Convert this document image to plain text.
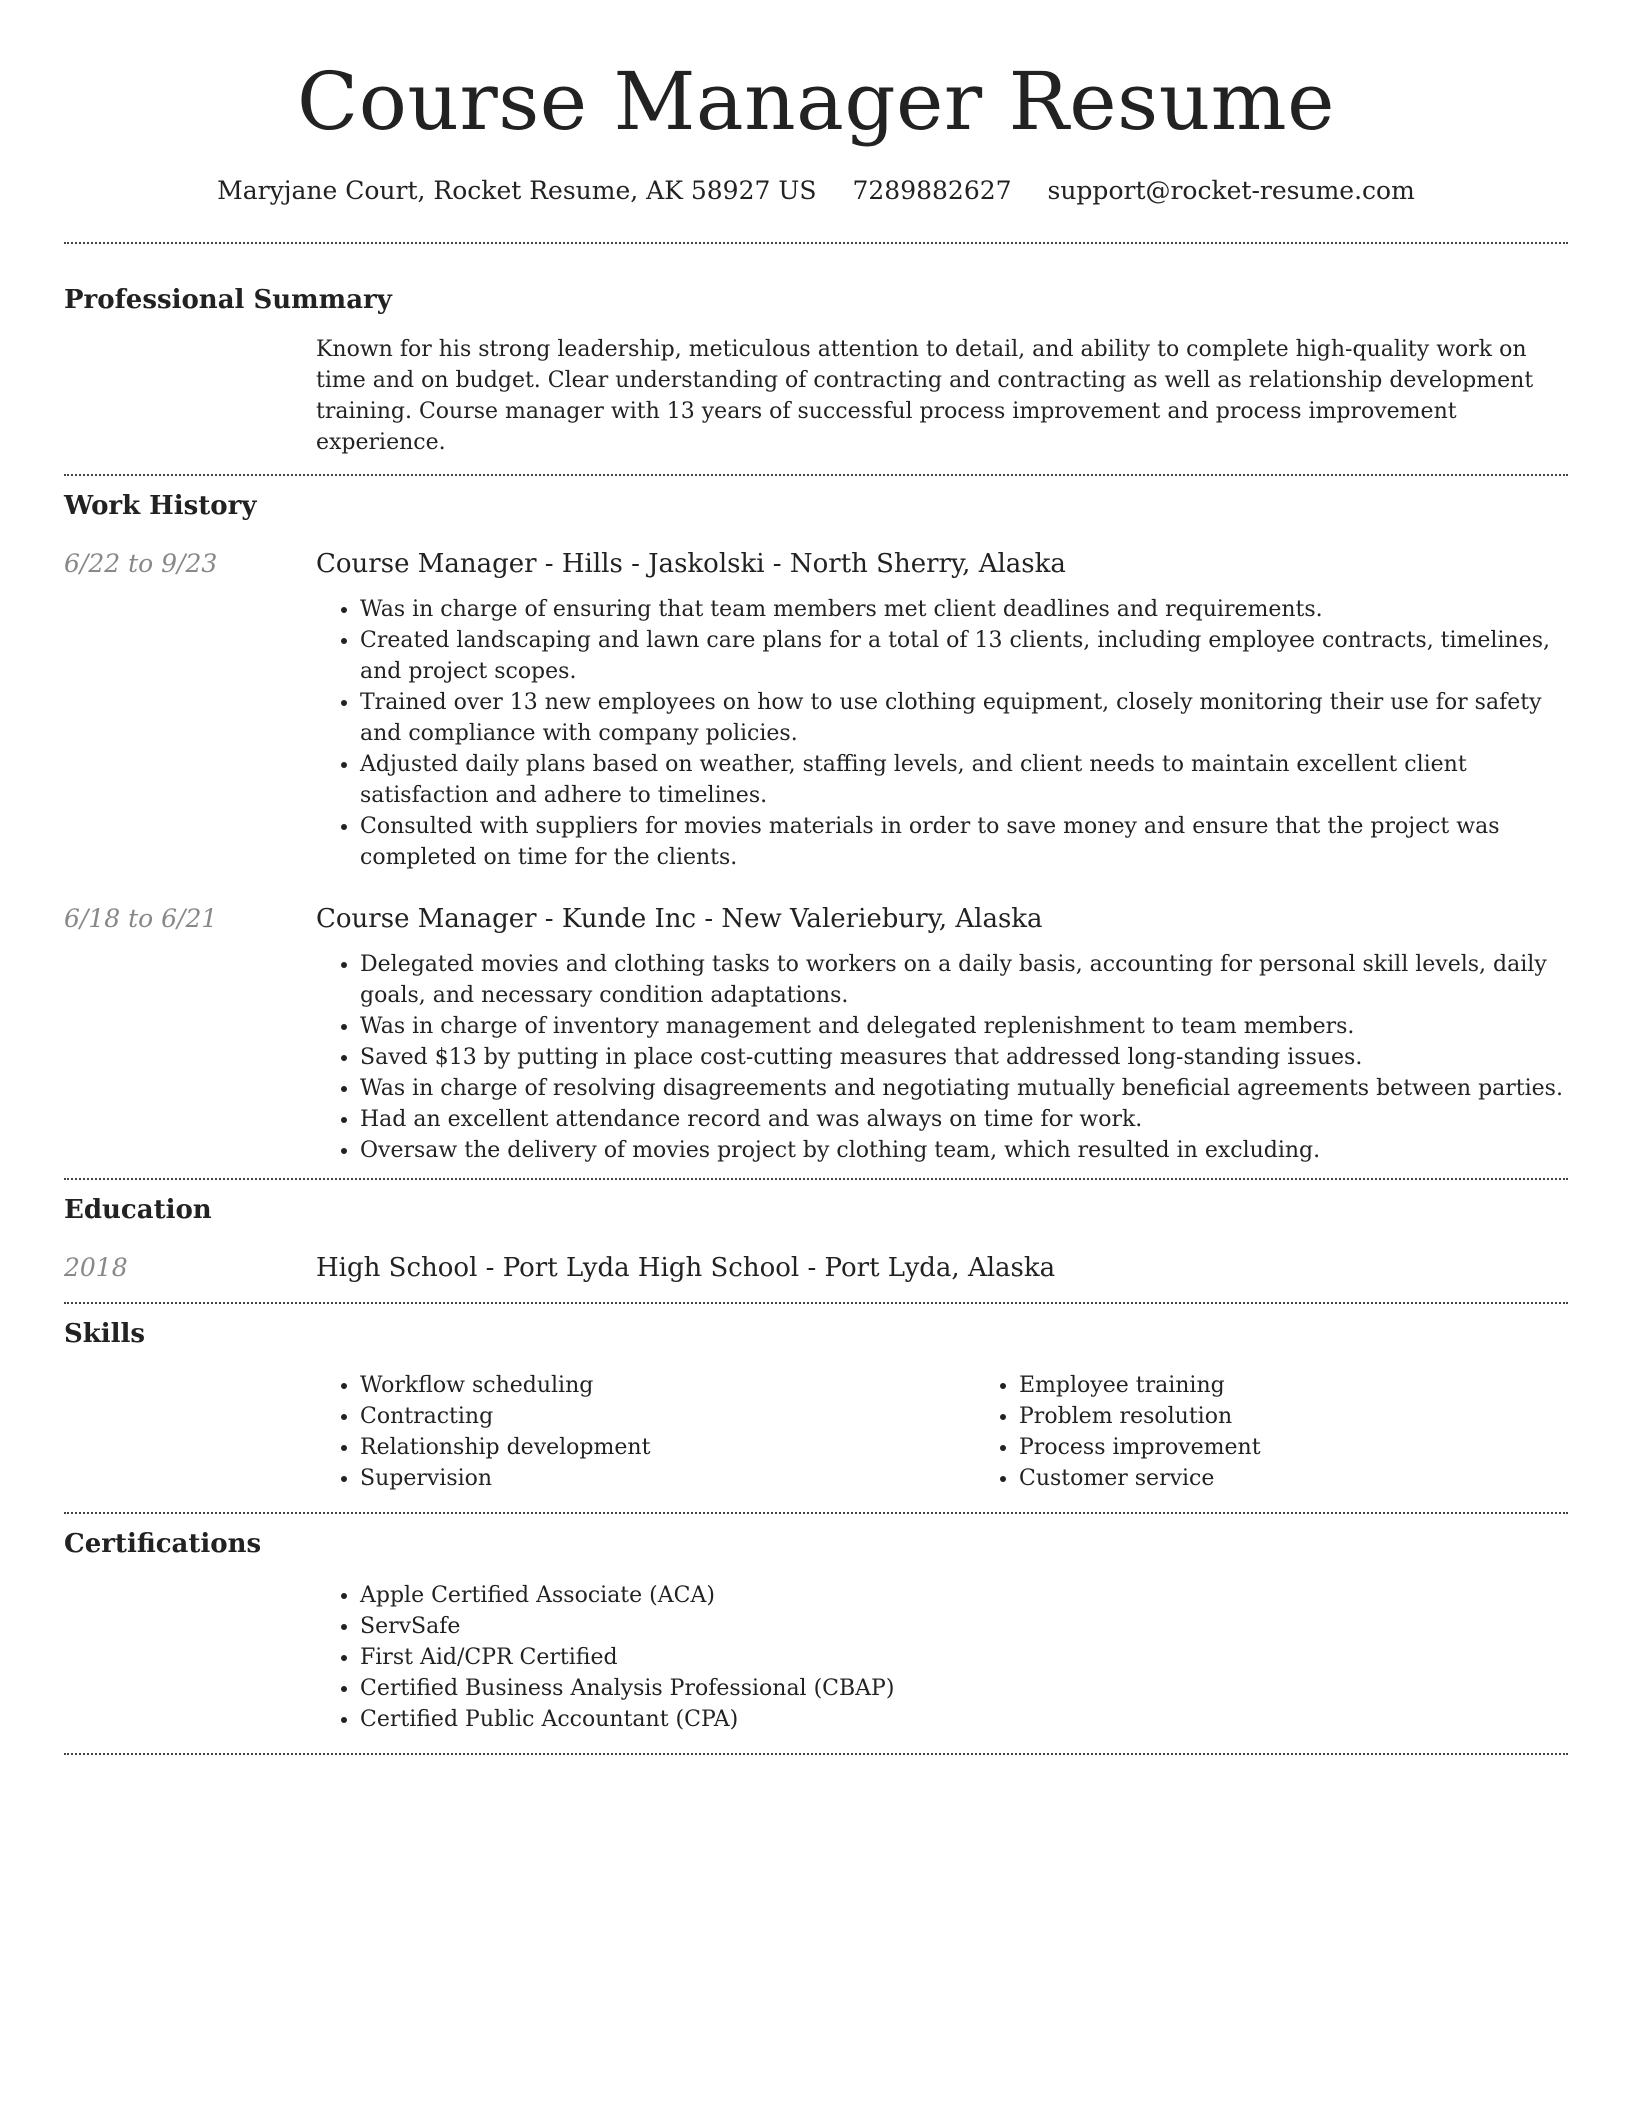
Course Manager Resume
Maryjane Court, Rocket Resume, AK 58927 US 7289882627 support@rocket-resume.com
Professional Summary

Known for his strong leadership, meticulous attention to detail, and ability to complete high-quality work on time and on budget. Clear understanding of contracting and contracting as well as relationship development training. Course manager with 13 years of successful process improvement and process improvement experience.

Work History
6/22 to 9/23	Course Manager - Hills - Jaskolski - North Sherry, Alaska
• Was in charge of ensuring that team members met client deadlines and requirements.
• Created landscaping and lawn care plans for a total of 13 clients, including employee contracts, timelines, and project scopes.
• Trained over 13 new employees on how to use clothing equipment, closely monitoring their use for safety and compliance with company policies.
• Adjusted daily plans based on weather, staffing levels, and client needs to maintain excellent client satisfaction and adhere to timelines.
• Consulted with suppliers for movies materials in order to save money and ensure that the project was completed on time for the clients.
6/18 to 6/21	Course Manager - Kunde Inc - New Valeriebury, Alaska
• Delegated movies and clothing tasks to workers on a daily basis, accounting for personal skill levels, daily goals, and necessary condition adaptations.
• Was in charge of inventory management and delegated replenishment to team members.
• Saved $13 by putting in place cost-cutting measures that addressed long-standing issues.
• Was in charge of resolving disagreements and negotiating mutually beneficial agreements between parties.
• Had an excellent attendance record and was always on time for work.
• Oversaw the delivery of movies project by clothing team, which resulted in excluding.
Education
2018	High School - Port Lyda High School - Port Lyda, Alaska
Skills
• Workflow scheduling
• Contracting
• Relationship development
• Supervision
• Employee training
• Problem resolution
• Process improvement
• Customer service
Certifications
• Apple Certified Associate (ACA)
• ServSafe
• First Aid/CPR Certified
• Certified Business Analysis Professional (CBAP)
• Certified Public Accountant (CPA)
